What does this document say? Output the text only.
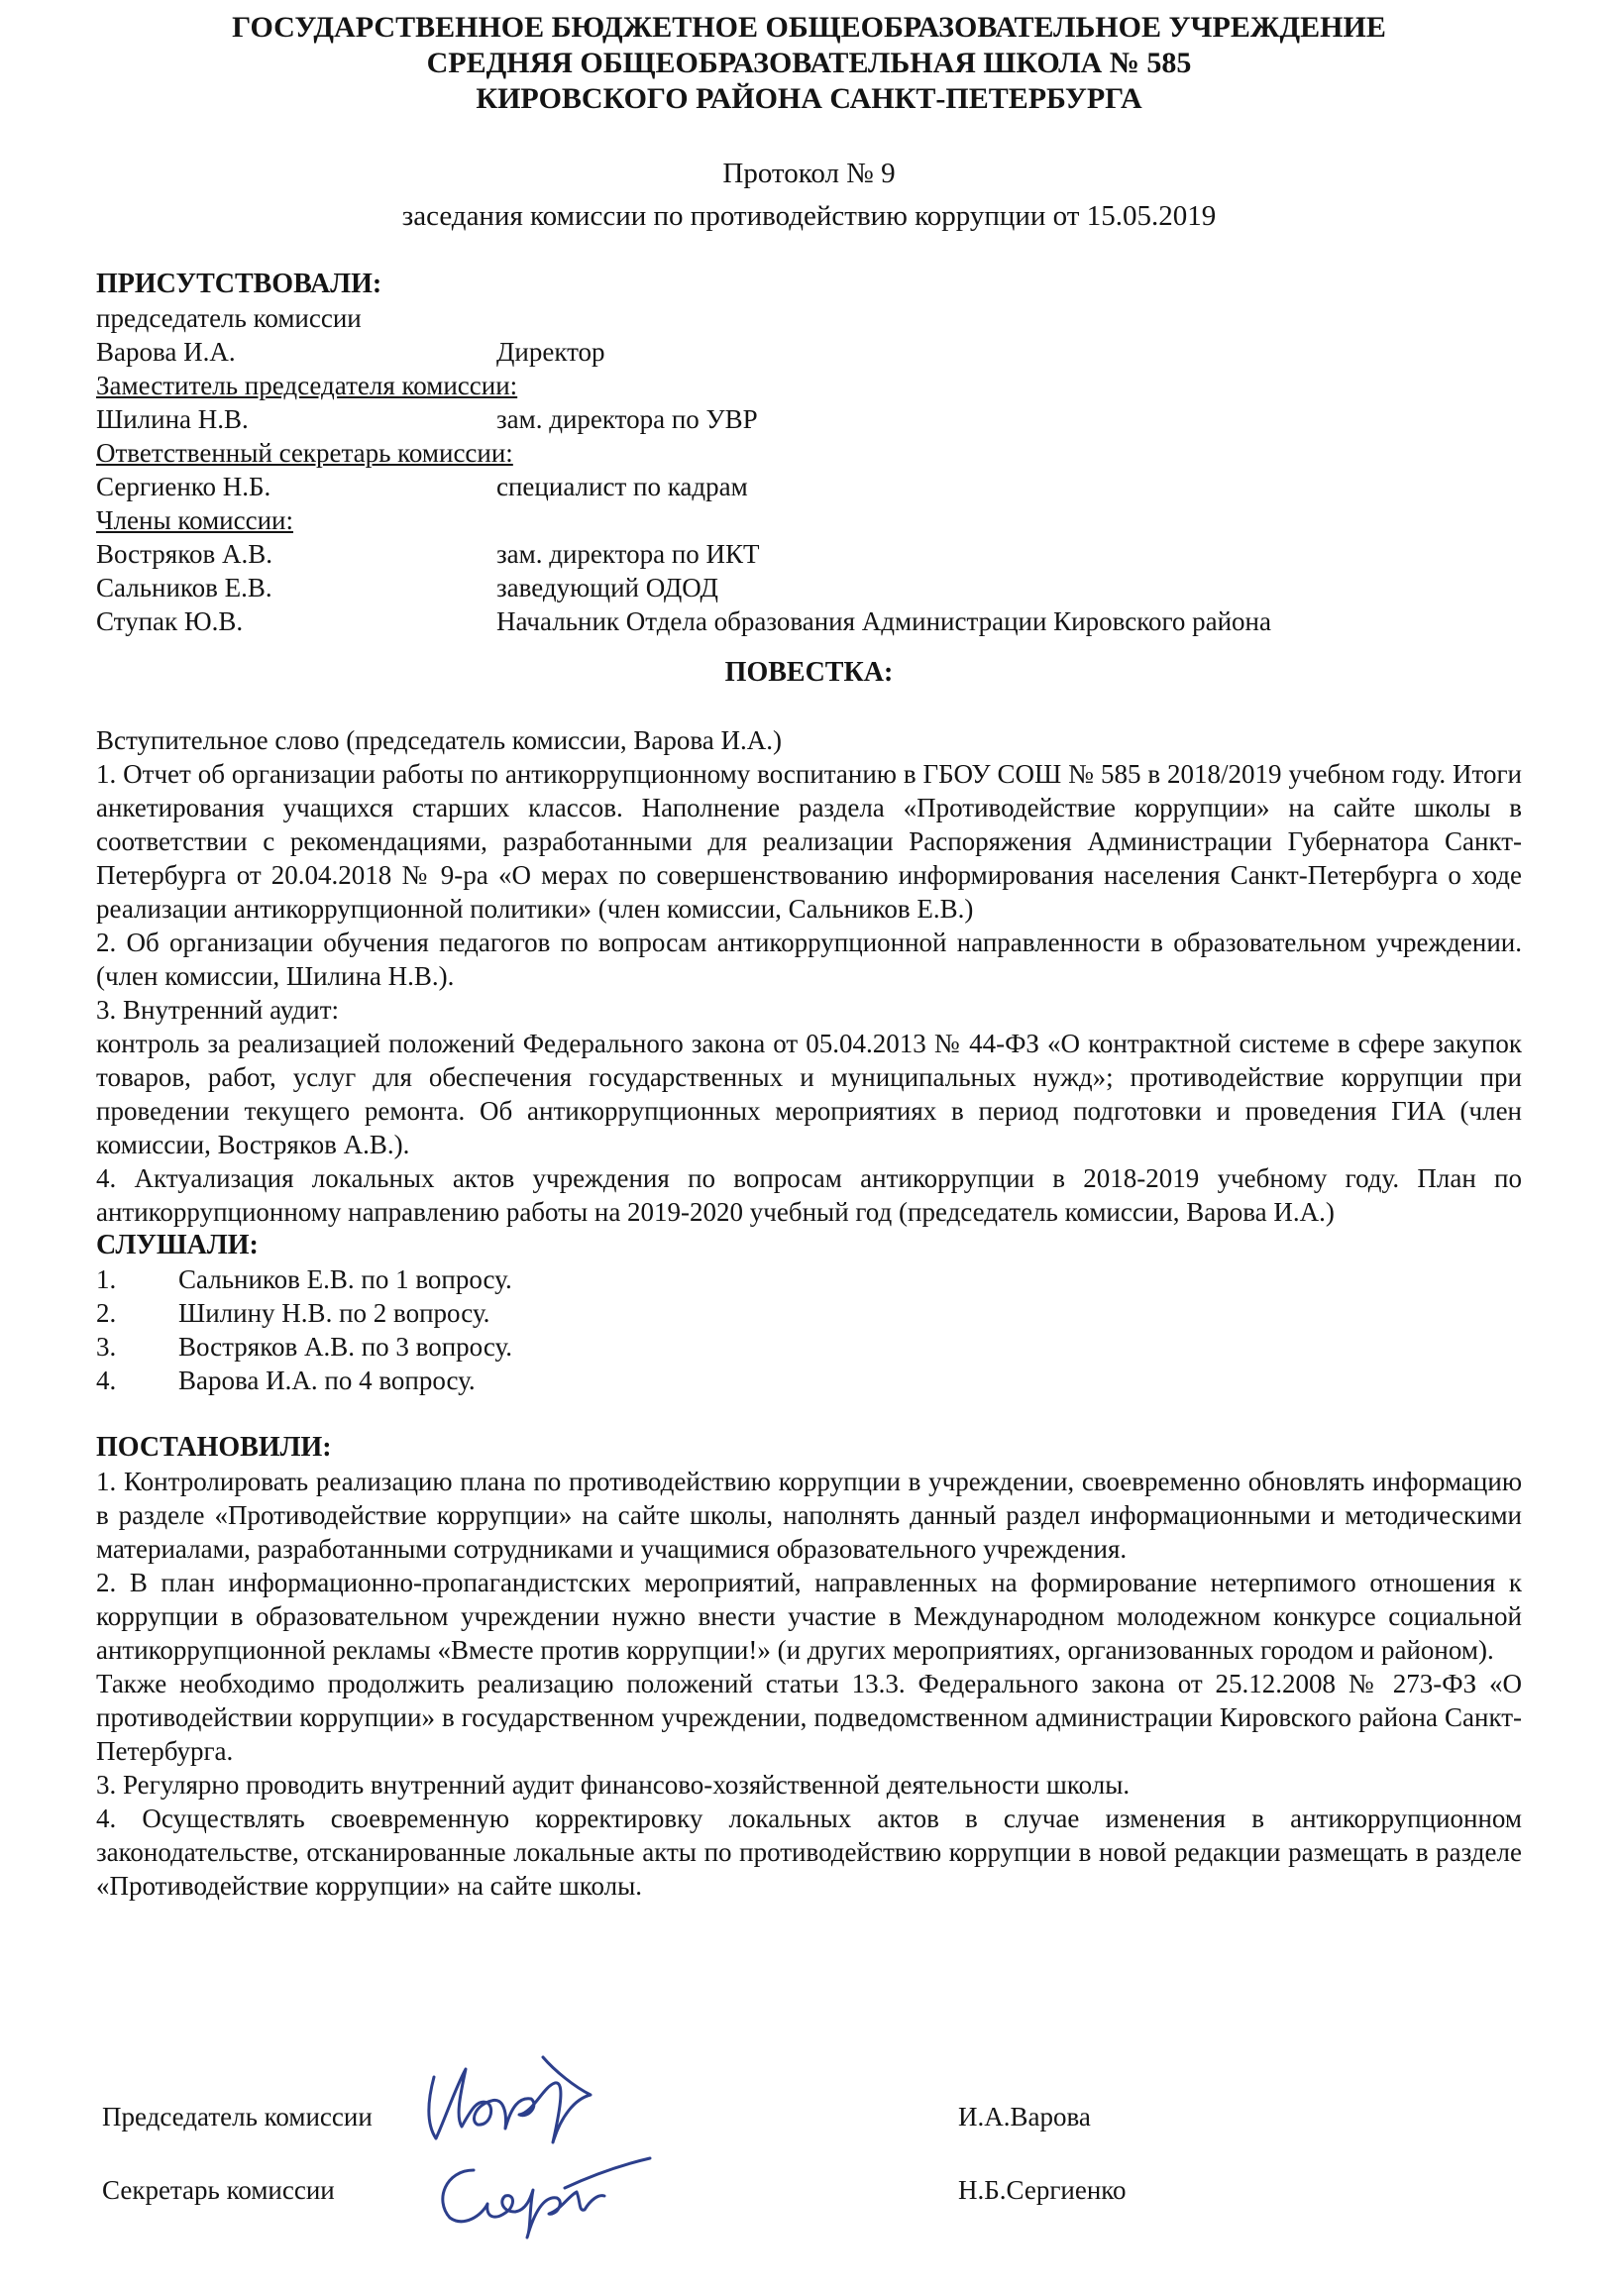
ГОСУДАРСТВЕННОЕ БЮДЖЕТНОЕ ОБЩЕОБРАЗОВАТЕЛЬНОЕ УЧРЕЖДЕНИЕ
СРЕДНЯЯ ОБЩЕОБРАЗОВАТЕЛЬНАЯ ШКОЛА № 585
КИРОВСКОГО РАЙОНА САНКТ-ПЕТЕРБУРГА
Протокол № 9
заседания комиссии по противодействию коррупции от 15.05.2019
ПРИСУТСТВОВАЛИ:
председатель комиссии
Варова И.А.	Директор
Заместитель председателя комиссии:
Шилина Н.В.	зам. директора по УВР
Ответственный секретарь комиссии:
Сергиенко Н.Б.	специалист по кадрам
Члены комиссии:
Востряков А.В.	зам. директора по ИКТ
Сальников Е.В.	заведующий ОДОД
Ступак Ю.В.	Начальник Отдела образования Администрации Кировского района
ПОВЕСТКА:
Вступительное слово (председатель комиссии, Варова И.А.)
1. Отчет об организации работы по антикоррупционному воспитанию в ГБОУ СОШ № 585 в 2018/2019 учебном году. Итоги анкетирования учащихся старших классов. Наполнение раздела «Противодействие коррупции» на сайте школы в соответствии с рекомендациями, разработанными для реализации Распоряжения Администрации Губернатора Санкт-Петербурга от 20.04.2018 № 9-ра «О мерах по совершенствованию информирования населения Санкт-Петербурга о ходе реализации антикоррупционной политики» (член комиссии, Сальников Е.В.)
2. Об организации обучения педагогов по вопросам антикоррупционной направленности в образовательном учреждении. (член комиссии, Шилина Н.В.).
3. Внутренний аудит:
контроль за реализацией положений Федерального закона от 05.04.2013 № 44-ФЗ «О контрактной системе в сфере закупок товаров, работ, услуг для обеспечения государственных и муниципальных нужд»; противодействие коррупции при проведении текущего ремонта. Об антикоррупционных мероприятиях в период подготовки и проведения ГИА (член комиссии, Востряков А.В.).
4. Актуализация локальных актов учреждения по вопросам антикоррупции в 2018-2019 учебному году. План по антикоррупционному направлению работы на 2019-2020 учебный год (председатель комиссии, Варова И.А.)
СЛУШАЛИ:
1.	Сальников Е.В. по 1 вопросу.
2.	Шилину Н.В. по 2 вопросу.
3.	Востряков А.В. по 3 вопросу.
4.	Варова И.А. по 4 вопросу.
ПОСТАНОВИЛИ:
1. Контролировать реализацию плана по противодействию коррупции в учреждении, своевременно обновлять информацию в разделе «Противодействие коррупции» на сайте школы, наполнять данный раздел информационными и методическими материалами, разработанными сотрудниками и учащимися образовательного учреждения.
2. В план информационно-пропагандистских мероприятий, направленных на формирование нетерпимого отношения к коррупции в образовательном учреждении нужно внести участие в Международном молодежном конкурсе социальной антикоррупционной рекламы «Вместе против коррупции!» (и других мероприятиях, организованных городом и районом).
Также необходимо продолжить реализацию положений статьи 13.3. Федерального закона от 25.12.2008 № 273-ФЗ «О противодействии коррупции» в государственном учреждении, подведомственном администрации Кировского района Санкт-Петербурга.
3. Регулярно проводить внутренний аудит финансово-хозяйственной деятельности школы.
4. Осуществлять своевременную корректировку локальных актов в случае изменения в антикоррупционном законодательстве, отсканированные локальные акты по противодействию коррупции в новой редакции размещать в разделе «Противодействие коррупции» на сайте школы.
Председатель комиссии	И.А.Варова
Секретарь комиссии	Н.Б.Сергиенко
